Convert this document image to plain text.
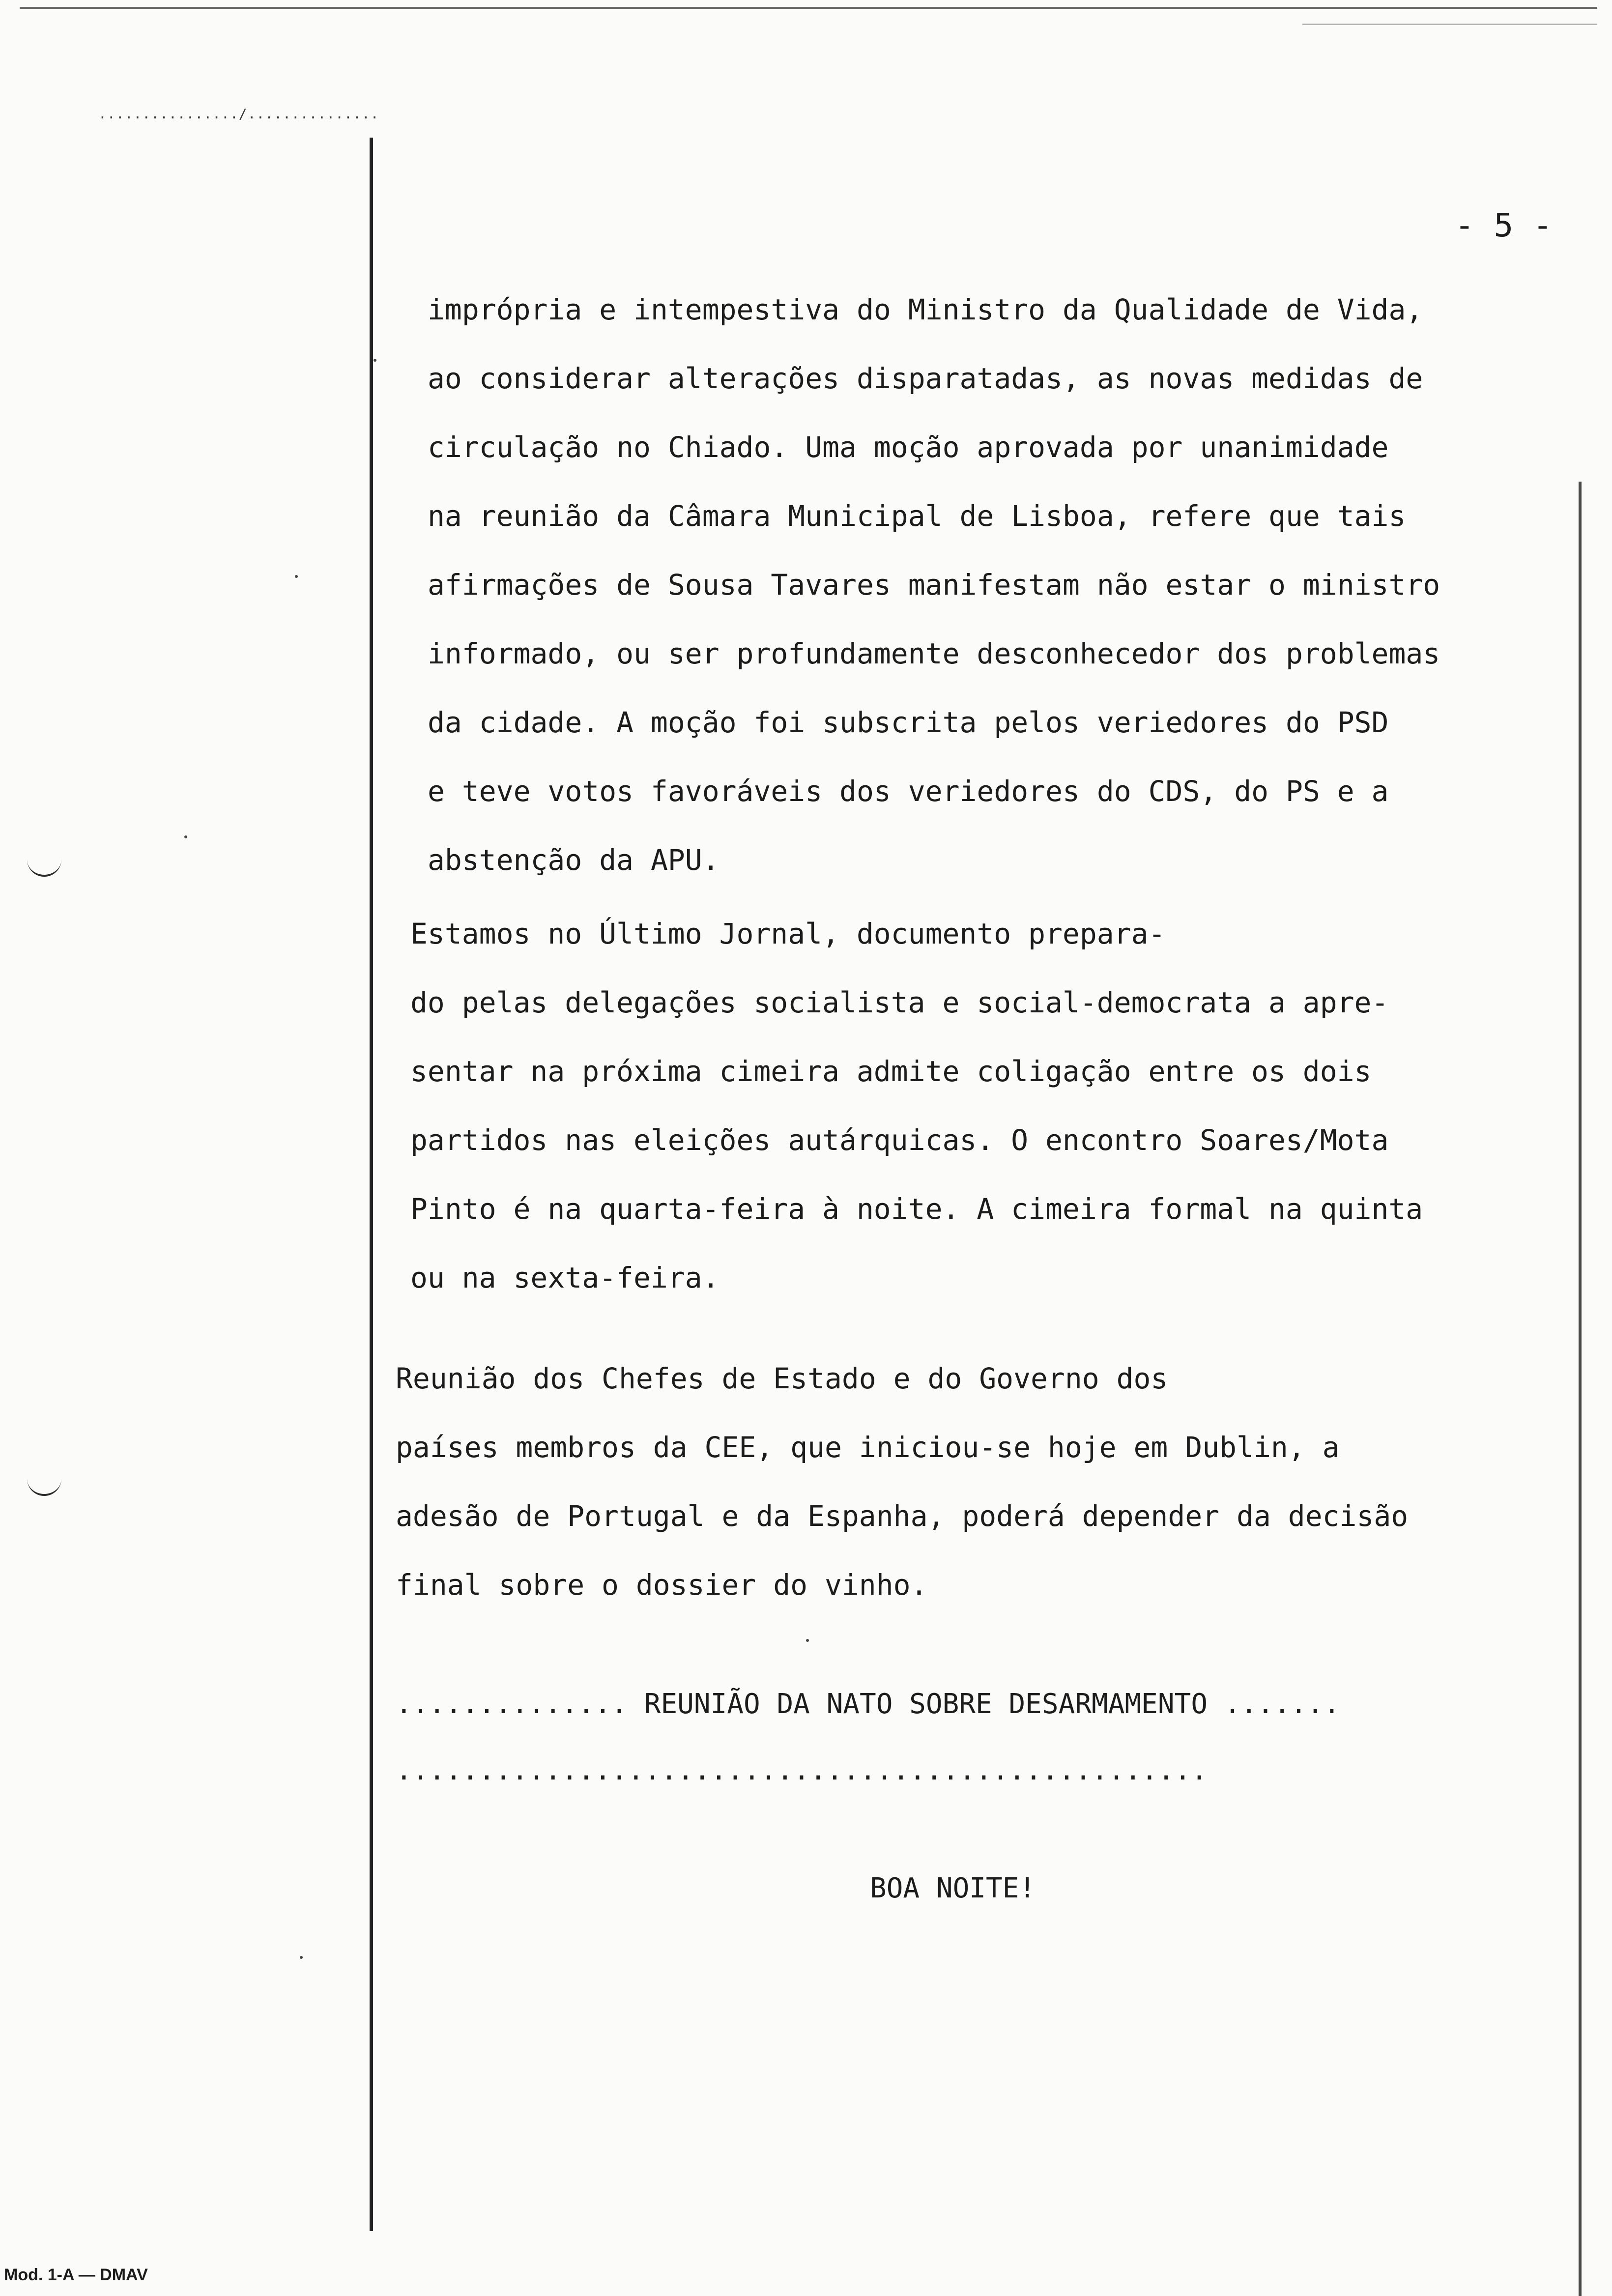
................/...............
- 5 -
imprópria e intempestiva do Ministro da Qualidade de Vida,
ao considerar alterações disparatadas, as novas medidas de
circulação no Chiado. Uma moção aprovada por unanimidade
na reunião da Câmara Municipal de Lisboa, refere que tais
afirmações de Sousa Tavares manifestam não estar o ministro
informado, ou ser profundamente desconhecedor dos problemas
da cidade. A moção foi subscrita pelos veriedores do PSD
e teve votos favoráveis dos veriedores do CDS, do PS e a
abstenção da APU.
Estamos no Último Jornal, documento prepara-
do pelas delegações socialista e social-democrata a apre-
sentar na próxima cimeira admite coligação entre os dois
partidos nas eleições autárquicas. O encontro Soares/Mota
Pinto é na quarta-feira à noite. A cimeira formal na quinta
ou na sexta-feira.
Reunião dos Chefes de Estado e do Governo dos
países membros da CEE, que iniciou-se hoje em Dublin, a
adesão de Portugal e da Espanha, poderá depender da decisão
final sobre o dossier do vinho.
.............. REUNIÃO DA NATO SOBRE DESARMAMENTO .......
.................................................
BOA NOITE!
Mod. 1-A — DMAV
